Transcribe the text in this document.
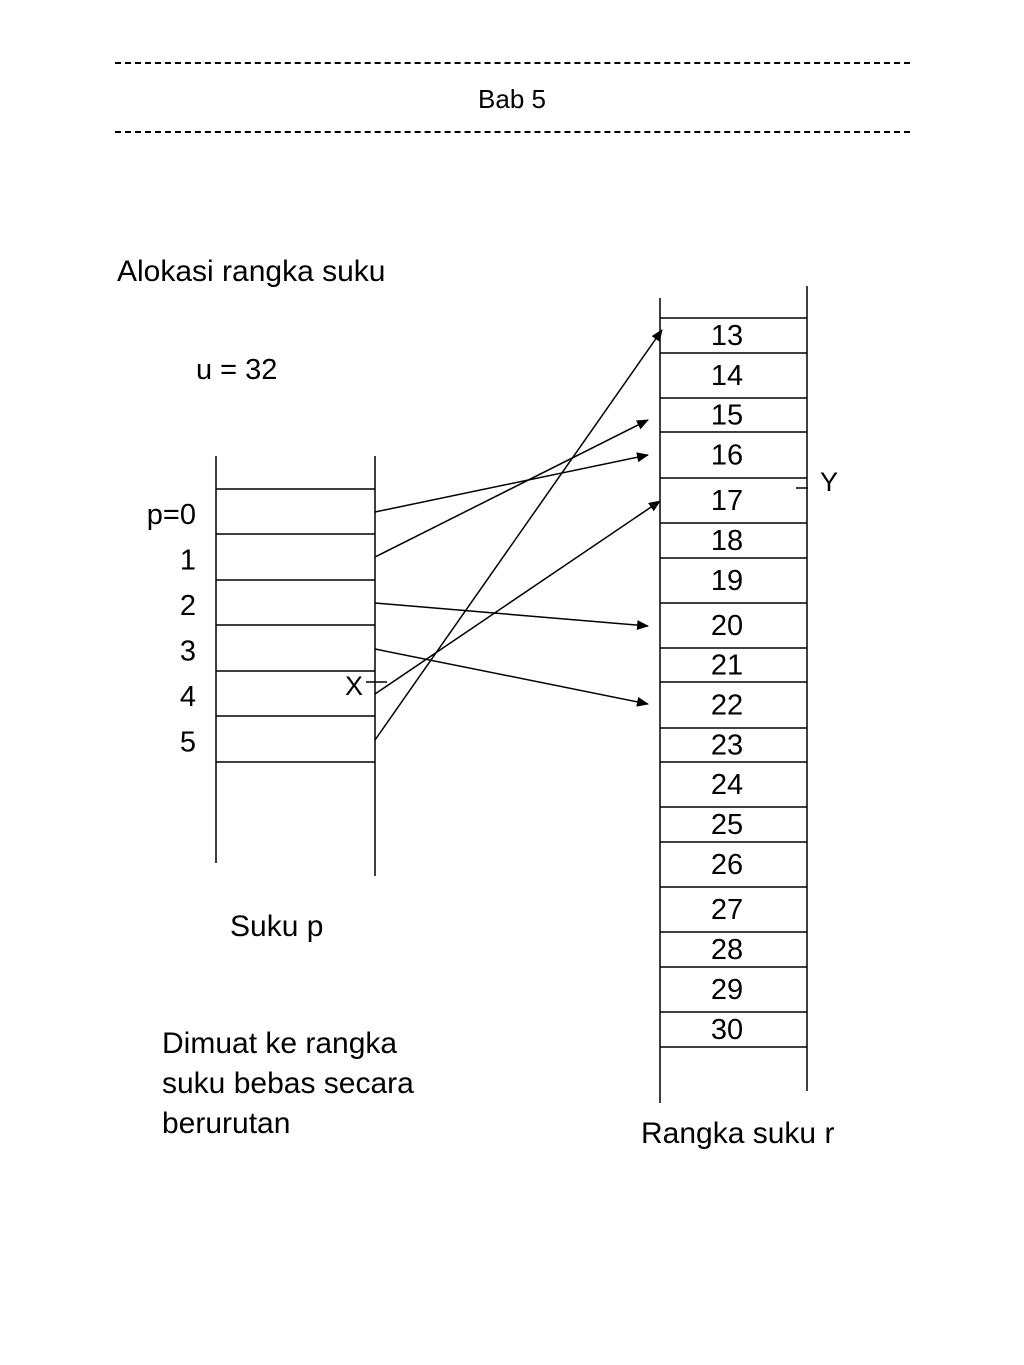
Bab 5
Alokasi rangka suku
u = 32
p=0
1
2
3
4
5
X
13
14
15
16
17
18
19
20
21
22
23
24
25
26
27
28
29
30
Y
Suku p
Rangka suku r
Dimuat ke rangka
suku bebas secara
berurutan
